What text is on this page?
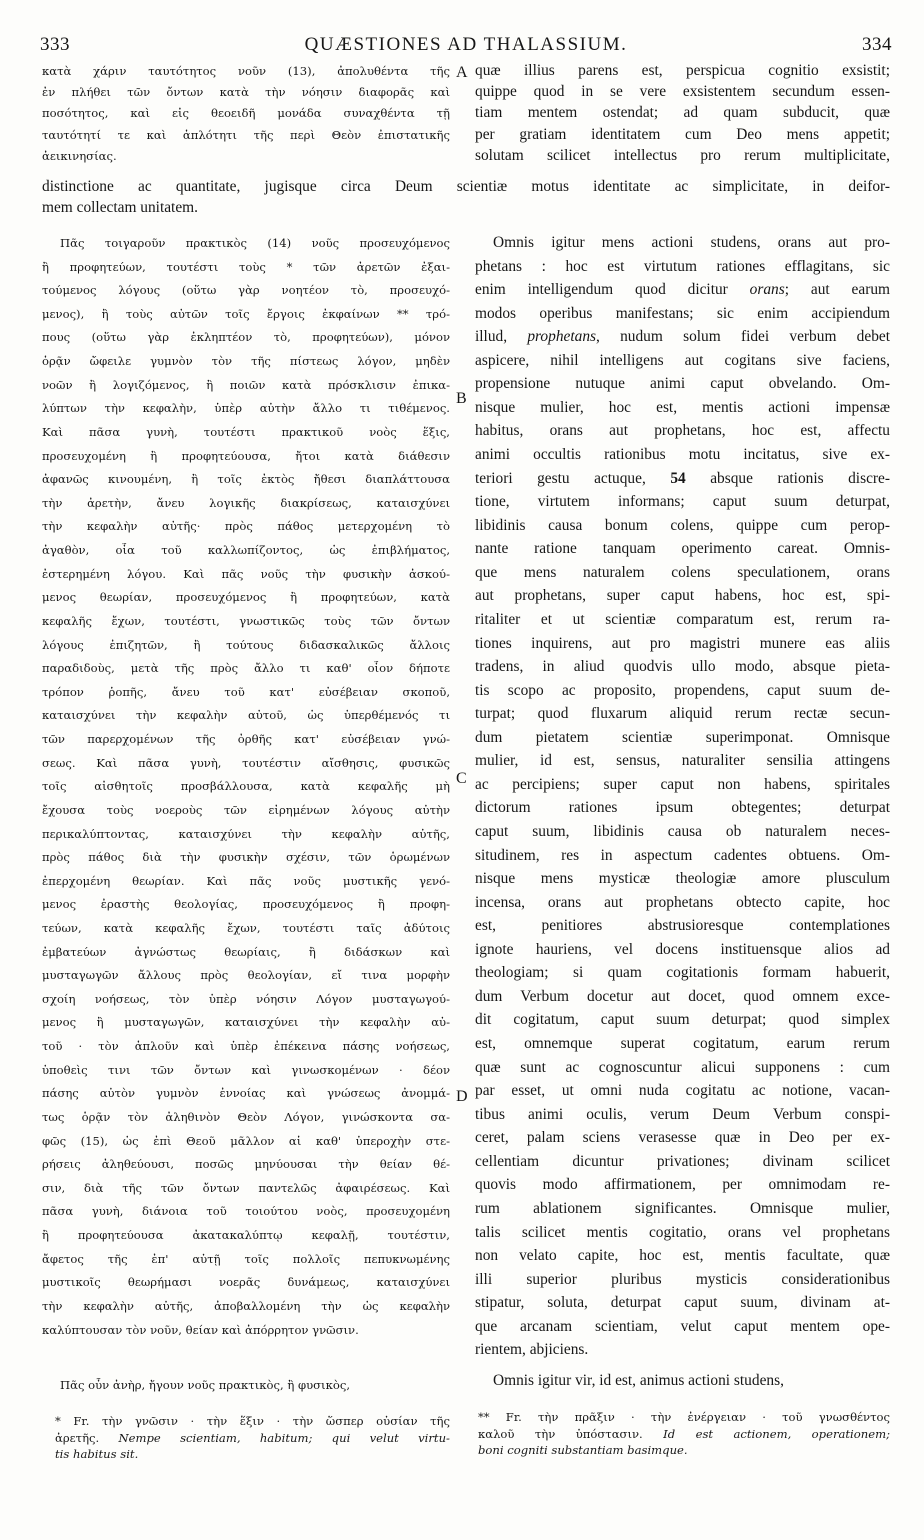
333	QUÆSTIONES AD THALASSIUM.	334
κατὰ χάριν ταυτότητος νοῦν (13), ἀπολυθέντα τῆς
ἐν πλήθει τῶν ὄντων κατὰ τὴν νόησιν διαφορᾶς καὶ
ποσότητος, καὶ εἰς θεοειδῆ μονάδα συναχθέντα τῇ
ταυτότητί τε καὶ ἁπλότητι τῆς περὶ Θεὸν ἐπιστατικῆς
ἀεικινησίας.
quæ illius parens est, perspicua cognitio exsistit;
quippe quod in se vere exsistentem secundum essen-
tiam mentem ostendat; ad quam subducit, quæ
per gratiam identitatem cum Deo mens appetit;
solutam scilicet intellectus pro rerum multiplicitate,
distinctione ac quantitate, jugisque circa Deum scientiæ motus identitate ac simplicitate, in deifor-
mem collectam unitatem.
Πᾶς τοιγαροῦν πρακτικὸς (14) νοῦς προσευχόμενος
ἢ προφητεύων, τουτέστι τοὺς * τῶν ἀρετῶν ἐξαι-
τούμενος λόγους (οὕτω γὰρ νοητέον τὸ, προσευχό-
μενος), ἢ τοὺς αὐτῶν τοῖς ἔργοις ἐκφαίνων ** τρό-
πους (οὕτω γὰρ ἐκληπτέον τὸ, προφητεύων), μόνον
ὁρᾷν ὤφειλε γυμνὸν τὸν τῆς πίστεως λόγον, μηδὲν
νοῶν ἢ λογιζόμενος, ἢ ποιῶν κατὰ πρόσκλισιν ἐπικα-
λύπτων τὴν κεφαλὴν, ὑπὲρ αὐτὴν ἄλλο τι τιθέμενος.
Καὶ πᾶσα γυνὴ, τουτέστι πρακτικοῦ νοὸς ἕξις,
προσευχομένη ἢ προφητεύουσα, ἤτοι κατὰ διάθεσιν
ἀφανῶς κινουμένη, ἢ τοῖς ἐκτὸς ἤθεσι διαπλάττουσα
τὴν ἀρετὴν, ἄνευ λογικῆς διακρίσεως, καταισχύνει
τὴν κεφαλὴν αὐτῆς· πρὸς πάθος μετερχομένη τὸ
ἀγαθὸν, οἷα τοῦ καλλωπίζοντος, ὡς ἐπιβλήματος,
ἐστερημένη λόγου. Καὶ πᾶς νοῦς τὴν φυσικὴν ἀσκού-
μενος θεωρίαν, προσευχόμενος ἢ προφητεύων, κατὰ
κεφαλῆς ἔχων, τουτέστι, γνωστικῶς τοὺς τῶν ὄντων
λόγους ἐπιζητῶν, ἢ τούτους διδασκαλικῶς ἄλλοις
παραδιδοὺς, μετὰ τῆς πρὸς ἄλλο τι καθ' οἷον δήποτε
τρόπον ῥοπῆς, ἄνευ τοῦ κατ' εὐσέβειαν σκοποῦ,
καταισχύνει τὴν κεφαλὴν αὐτοῦ, ὡς ὑπερθέμενός τι
τῶν παρερχομένων τῆς ὀρθῆς κατ' εὐσέβειαν γνώ-
σεως. Καὶ πᾶσα γυνὴ, τουτέστιν αἴσθησις, φυσικῶς
τοῖς αἰσθητοῖς προσβάλλουσα, κατὰ κεφαλῆς μὴ
ἔχουσα τοὺς νοεροὺς τῶν εἰρημένων λόγους αὐτὴν
περικαλύπτοντας, καταισχύνει τὴν κεφαλὴν αὐτῆς,
πρὸς πάθος διὰ τὴν φυσικὴν σχέσιν, τῶν ὁρωμένων
ἐπερχομένη θεωρίαν. Καὶ πᾶς νοῦς μυστικῆς γενό-
μενος ἐραστὴς θεολογίας, προσευχόμενος ἢ προφη-
τεύων, κατὰ κεφαλῆς ἔχων, τουτέστι ταῖς ἀδύτοις
ἐμβατεύων ἀγνώστως θεωρίαις, ἢ διδάσκων καὶ
μυσταγωγῶν ἄλλους πρὸς θεολογίαν, εἴ τινα μορφὴν
σχοίη νοήσεως, τὸν ὑπὲρ νόησιν Λόγον μυσταγωγού-
μενος ἢ μυσταγωγῶν, καταισχύνει τὴν κεφαλὴν αὐ-
τοῦ · τὸν ἁπλοῦν καὶ ὑπὲρ ἐπέκεινα πάσης νοήσεως,
ὑποθεὶς τινι τῶν ὄντων καὶ γινωσκομένων · δέον
πάσης αὐτὸν γυμνὸν ἐννοίας καὶ γνώσεως ἀνομμά-
τως ὁρᾷν τὸν ἀληθινὸν Θεὸν Λόγον, γινώσκοντα σα-
φῶς (15), ὡς ἐπὶ Θεοῦ μᾶλλον αἱ καθ' ὑπεροχὴν στε-
ρήσεις ἀληθεύουσι, ποσῶς μηνύουσαι τὴν θείαν θέ-
σιν, διὰ τῆς τῶν ὄντων παντελῶς ἀφαιρέσεως. Καὶ
πᾶσα γυνὴ, διάνοια τοῦ τοιούτου νοὸς, προσευχομένη
ἢ προφητεύουσα ἀκατακαλύπτῳ κεφαλῇ, τουτέστιν,
ἄφετος τῆς ἐπ' αὐτῇ τοῖς πολλοῖς πεπυκνωμένης
μυστικοῖς θεωρήμασι νοερᾶς δυνάμεως, καταισχύνει
τὴν κεφαλὴν αὐτῆς, ἀποβαλλομένη τὴν ὡς κεφαλὴν
καλύπτουσαν τὸν νοῦν, θείαν καὶ ἀπόρρητον γνῶσιν.
Omnis igitur mens actioni studens, orans aut pro-
phetans : hoc est virtutum rationes efflagitans, sic
enim intelligendum quod dicitur orans; aut earum
modos operibus manifestans; sic enim accipiendum
illud, prophetans, nudum solum fidei verbum debet
aspicere, nihil intelligens aut cogitans sive faciens,
propensione nutuque animi caput obvelando. Om-
nisque mulier, hoc est, mentis actioni impensæ
habitus, orans aut prophetans, hoc est, affectu
animi occultis rationibus motu incitatus, sive ex-
teriori gestu actuque, 54 absque rationis discre-
tione, virtutem informans; caput suum deturpat,
libidinis causa bonum colens, quippe cum perор-
nante ratione tanquam operimento careat. Omnis-
que mens naturalem colens speculationem, orans
aut prophetans, super caput habens, hoc est, spi-
ritaliter et ut scientiæ comparatum est, rerum ra-
tiones inquirens, aut pro magistri munere eas aliis
tradens, in aliud quodvis ullo modo, absque pieta-
tis scopo ac proposito, propendens, caput suum de-
turpat; quod fluxarum aliquid rerum rectæ secun-
dum pietatem scientiæ superimponat. Omnisque
mulier, id est, sensus, naturaliter sensilia attingens
ac percipiens; super caput non habens, spiritales
dictorum rationes ipsum obtegentes; deturpat
caput suum, libidinis causa ob naturalem neces-
situdinem, res in aspectum cadentes obtuens. Om-
nisque mens mysticæ theologiæ amore plusculum
incensa, orans aut prophetans obtecto capite, hoc
est, penitiores abstrusioresque contemplationes
ignote hauriens, vel docens instituensque alios ad
theologiam; si quam cogitationis formam habuerit,
dum Verbum docetur aut docet, quod omnem exce-
dit cogitatum, caput suum deturpat; quod simplex
est, omnemque superat cogitatum, earum rerum
quæ sunt ac cognoscuntur alicui supponens : cum
par esset, ut omni nuda cogitatu ac notione, vacan-
tibus animi oculis, verum Deum Verbum conspi-
ceret, palam sciens verasesse quæ in Deo per ex-
cellentiam dicuntur privationes; divinam scilicet
quovis modo affirmationem, per omnimodam re-
rum ablationem significantes. Omnisque mulier,
talis scilicet mentis cogitatio, orans vel prophetans
non velato capite, hoc est, mentis facultate, quæ
illi superior pluribus mysticis considerationibus
stipatur, soluta, deturpat caput suum, divinam at-
que arcanam scientiam, velut caput mentem ope-
rientem, abjiciens.
Πᾶς οὖν ἀνὴρ, ἤγουν νοῦς πρακτικὸς, ἢ φυσικὸς,	Omnis igitur vir, id est, animus actioni studens,
* Fr. τὴν γνῶσιν · τὴν ἕξιν · τὴν ὥσπερ οὐσίαν τῆς
ἀρετῆς. Nempe scientiam, habitum; qui velut virtu-
tis habitus sit.
** Fr. τὴν πρᾶξιν · τὴν ἐνέργειαν · τοῦ γνωσθέντος
καλοῦ τὴν ὑπόστασιν. Id est actionem, operationem;
boni cogniti substantiam basimque.
A
B
C
D
